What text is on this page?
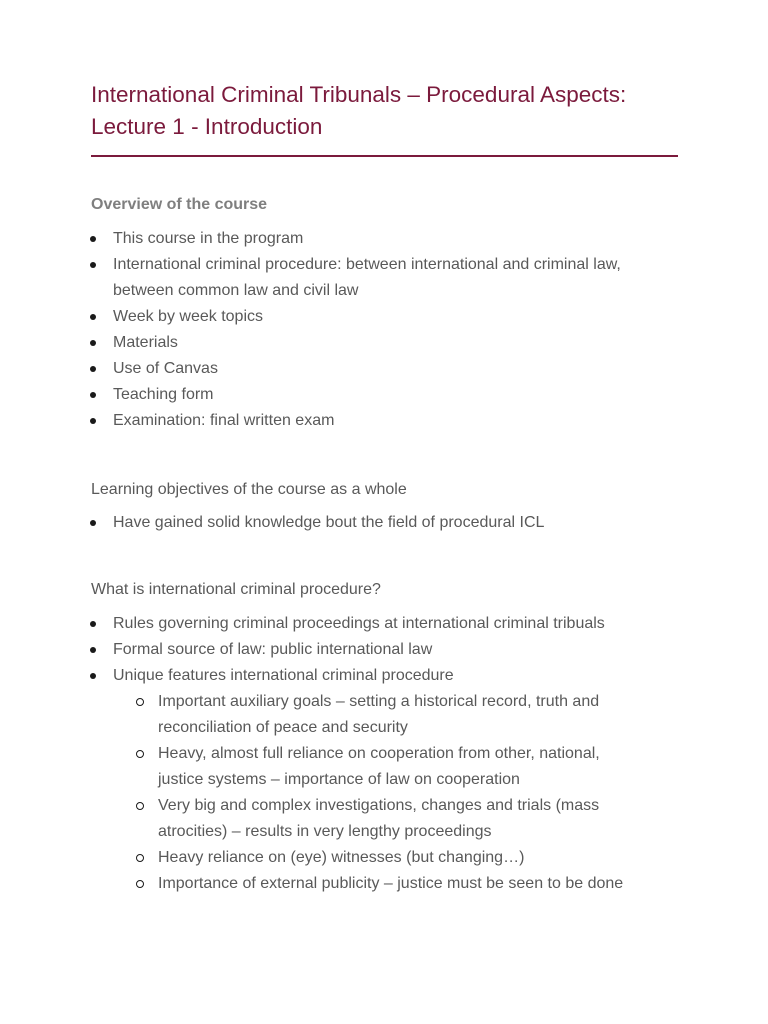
International Criminal Tribunals – Procedural Aspects:
Lecture 1 - Introduction
Overview of the course
This course in the program
International criminal procedure: between international and criminal law,
between common law and civil law
Week by week topics
Materials
Use of Canvas
Teaching form
Examination: final written exam
Learning objectives of the course as a whole
Have gained solid knowledge bout the field of procedural ICL
What is international criminal procedure?
Rules governing criminal proceedings at international criminal tribuals
Formal source of law: public international law
Unique features international criminal procedure
Important auxiliary goals – setting a historical record, truth and
reconciliation of peace and security
Heavy, almost full reliance on cooperation from other, national,
justice systems – importance of law on cooperation
Very big and complex investigations, changes and trials (mass
atrocities) – results in very lengthy proceedings
Heavy reliance on (eye) witnesses (but changing…)
Importance of external publicity – justice must be seen to be done
